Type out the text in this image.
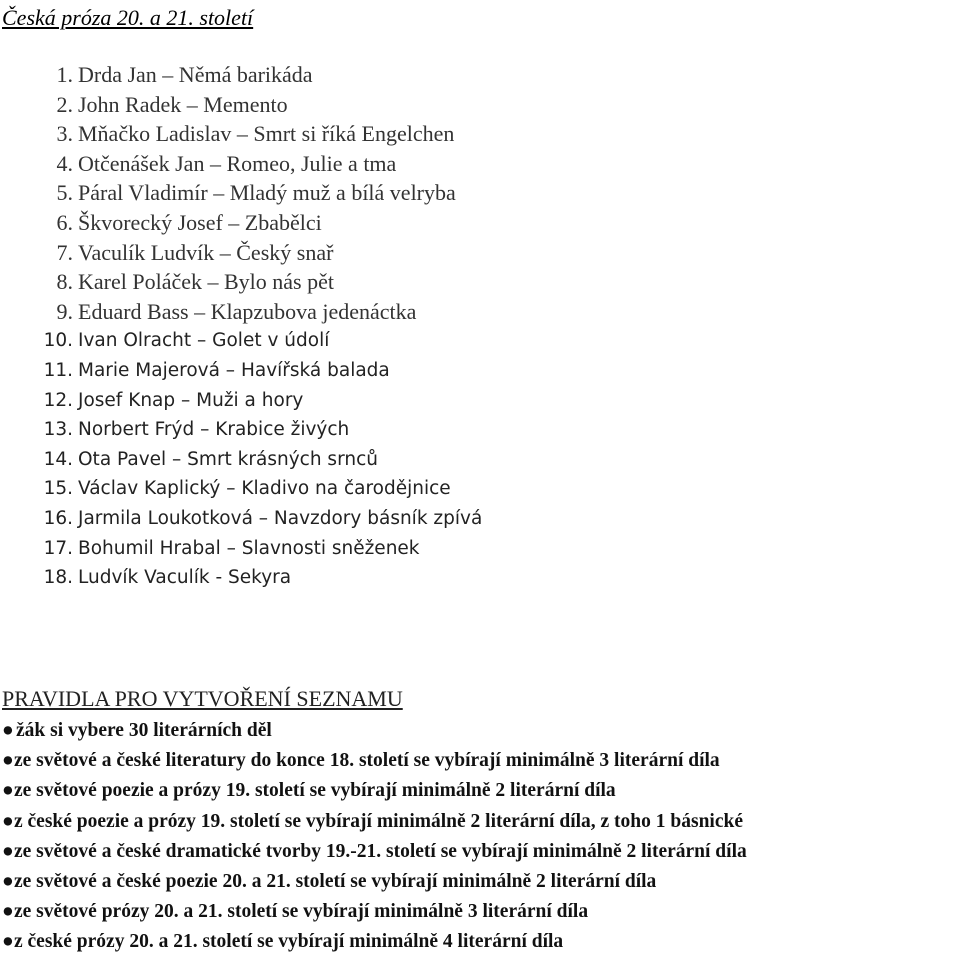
Česká próza 20. a 21. století
1. Drda Jan – Němá barikáda
2. John Radek – Memento
3. Mňačko Ladislav – Smrt si říká Engelchen
4. Otčenášek Jan – Romeo, Julie a tma
5. Páral Vladimír – Mladý muž a bílá velryba
6. Škvorecký Josef – Zbabělci
7. Vaculík Ludvík – Český snař
8. Karel Poláček – Bylo nás pět
9. Eduard Bass – Klapzubova jedenáctka
10. Ivan Olracht – Golet v údolí
11. Marie Majerová – Havířská balada
12. Josef Knap – Muži a hory
13. Norbert Frýd – Krabice živých
14. Ota Pavel – Smrt krásných srnců
15. Václav Kaplický – Kladivo na čarodějnice
16. Jarmila Loukotková – Navzdory básník zpívá
17. Bohumil Hrabal – Slavnosti sněženek
18. Ludvík Vaculík - Sekyra
PRAVIDLA PRO VYTVOŘENÍ SEZNAMU
● žák si vybere 30 literárních děl
● ze světové a české literatury do konce 18. století se vybírají minimálně 3 literární díla
● ze světové poezie a prózy 19. století se vybírají minimálně 2 literární díla
● z české poezie a prózy 19. století se vybírají minimálně 2 literární díla, z toho 1 básnické
● ze světové a české dramatické tvorby 19.-21. století se vybírají minimálně 2 literární díla
● ze světové a české poezie 20. a 21. století se vybírají minimálně 2 literární díla
● ze světové prózy 20. a 21. století se vybírají minimálně 3 literární díla
● z české prózy 20. a 21. století se vybírají minimálně 4 literární díla
